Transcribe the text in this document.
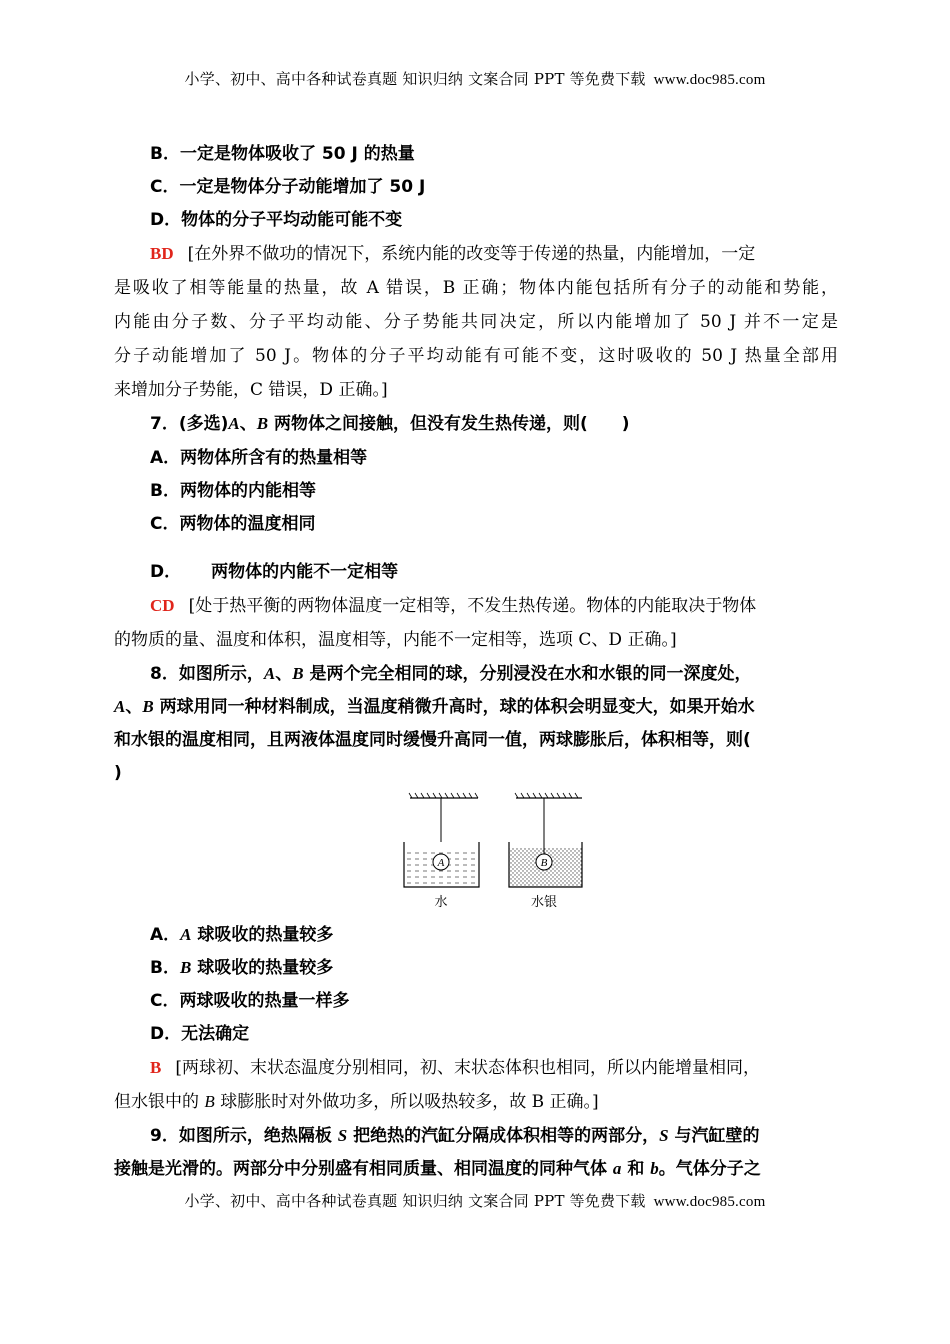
小学、初中、高中各种试卷真题 知识归纳 文案合同 PPT 等免费下载 www.doc985.com
B．一定是物体吸收了 50 J 的热量
C．一定是物体分子动能增加了 50 J
D．物体的分子平均动能可能不变
BD [在外界不做功的情况下，系统内能的改变等于传递的热量，内能增加，一定
是吸收了相等能量的热量，故 A 错误，B 正确；物体内能包括所有分子的动能和势能，
内能由分子数、分子平均动能、分子势能共同决定，所以内能增加了 50 J 并不一定是
分子动能增加了 50 J。物体的分子平均动能有可能不变，这时吸收的 50 J 热量全部用
来增加分子势能，C 错误，D 正确。]
7．(多选)A、B 两物体之间接触，但没有发生热传递，则(　　)
A．两物体所含有的热量相等
B．两物体的内能相等
C．两物体的温度相同
D． 两物体的内能不一定相等
CD [处于热平衡的两物体温度一定相等，不发生热传递。物体的内能取决于物体
的物质的量、温度和体积，温度相等，内能不一定相等，选项 C、D 正确。]
8．如图所示，A、B 是两个完全相同的球，分别浸没在水和水银的同一深度处，
A、B 两球用同一种材料制成，当温度稍微升高时，球的体积会明显变大，如果开始水
和水银的温度相同，且两液体温度同时缓慢升高同一值，两球膨胀后，体积相等，则(
)
A	B
水	水银
A．A 球吸收的热量较多
B．B 球吸收的热量较多
C．两球吸收的热量一样多
D．无法确定
B [两球初、末状态温度分别相同，初、末状态体积也相同，所以内能增量相同，
但水银中的 B 球膨胀时对外做功多，所以吸热较多，故 B 正确。]
9．如图所示，绝热隔板 S 把绝热的汽缸分隔成体积相等的两部分，S 与汽缸壁的
接触是光滑的。两部分中分别盛有相同质量、相同温度的同种气体 a 和 b。气体分子之
小学、初中、高中各种试卷真题 知识归纳 文案合同 PPT 等免费下载 www.doc985.com
